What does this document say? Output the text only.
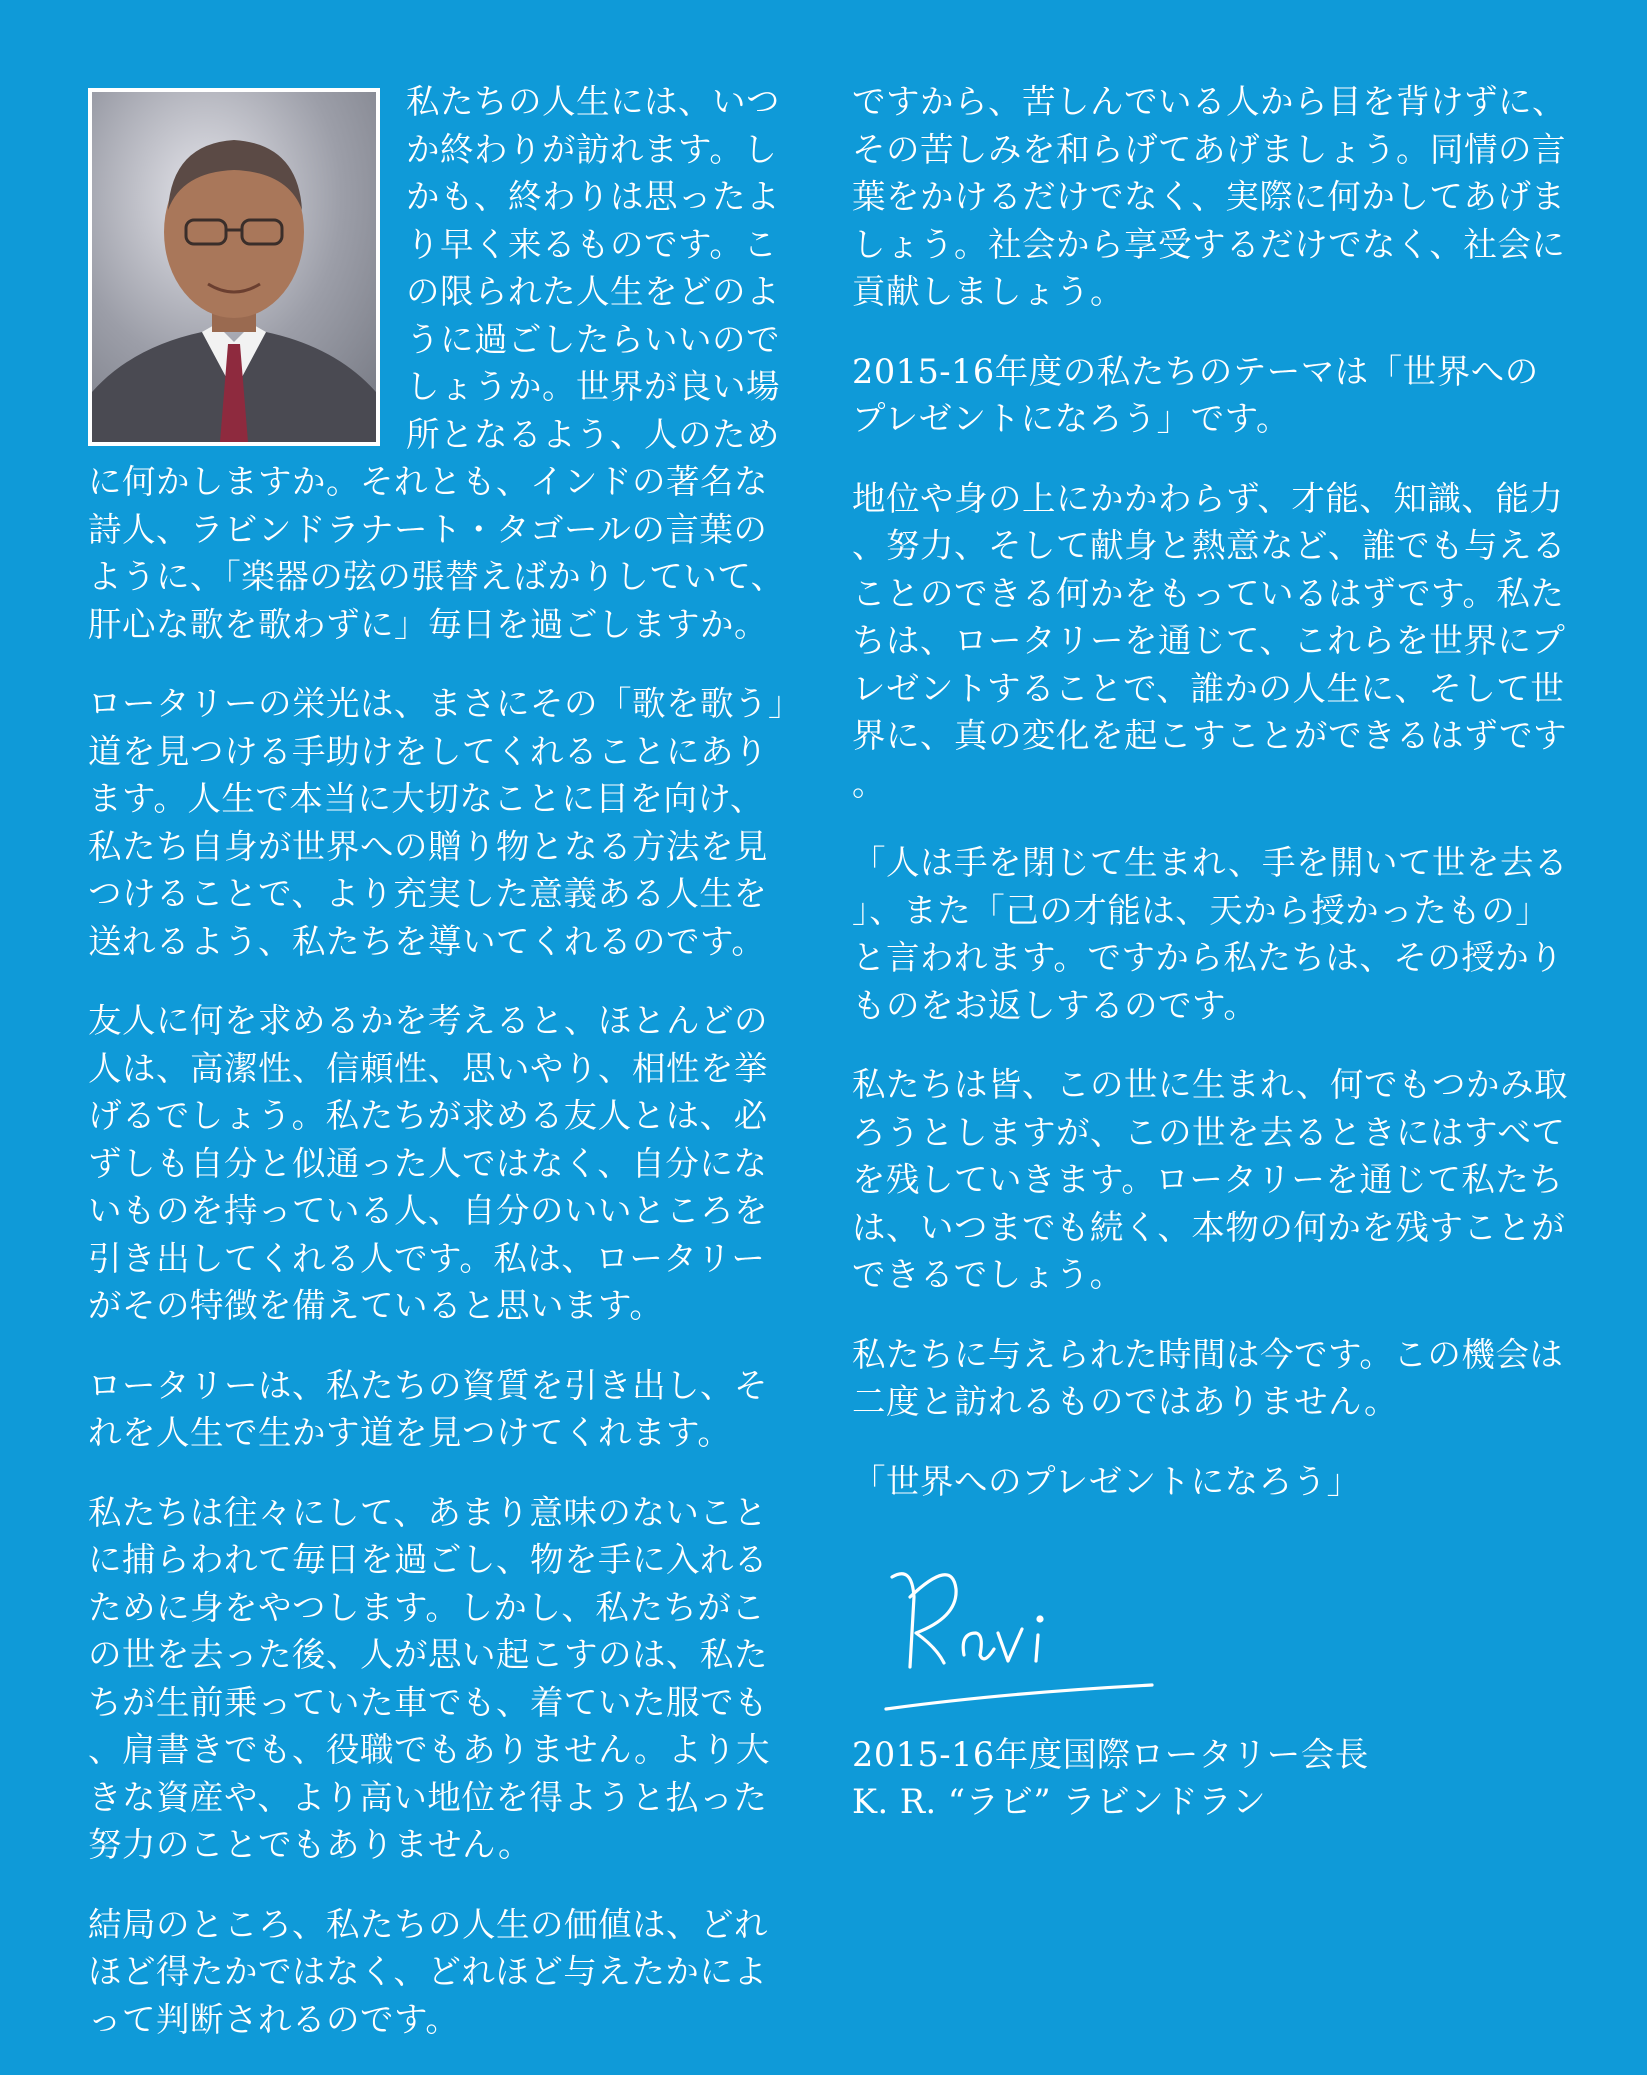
私たちの人生には、いつか終わりが訪れます。しかも、終わりは思ったより早く来るものです。この限られた人生をどのように過ごしたらいいのでしょうか。世界が良い場所となるよう、人のために何かしますか。それとも、インドの著名な詩人、ラビンドラナート・タゴールの言葉のように、「楽器の弦の張替えばかりしていて、肝心な歌を歌わずに」毎日を過ごしますか。

ロータリーの栄光は、まさにその「歌を歌う」道を見つける手助けをしてくれることにあります。人生で本当に大切なことに目を向け、私たち自身が世界への贈り物となる方法を見つけることで、より充実した意義ある人生を送れるよう、私たちを導いてくれるのです。

友人に何を求めるかを考えると、ほとんどの人は、高潔性、信頼性、思いやり、相性を挙げるでしょう。私たちが求める友人とは、必ずしも自分と似通った人ではなく、自分にないものを持っている人、自分のいいところを引き出してくれる人です。私は、ロータリーがその特徴を備えていると思います。

ロータリーは、私たちの資質を引き出し、それを人生で生かす道を見つけてくれます。

私たちは往々にして、あまり意味のないことに捕らわれて毎日を過ごし、物を手に入れるために身をやつします。しかし、私たちがこの世を去った後、人が思い起こすのは、私たちが生前乗っていた車でも、着ていた服でも、肩書きでも、役職でもありません。より大きな資産や、より高い地位を得ようと払った努力のことでもありません。

結局のところ、私たちの人生の価値は、どれほど得たかではなく、どれほど与えたかによって判断されるのです。

ですから、苦しんでいる人から目を背けずに、その苦しみを和らげてあげましょう。同情の言葉をかけるだけでなく、実際に何かしてあげましょう。社会から享受するだけでなく、社会に貢献しましょう。

2015-16年度の私たちのテーマは「世界へのプレゼントになろう」です。

地位や身の上にかかわらず、才能、知識、能力、努力、そして献身と熱意など、誰でも与えることのできる何かをもっているはずです。私たちは、ロータリーを通じて、これらを世界にプレゼントすることで、誰かの人生に、そして世界に、真の変化を起こすことができるはずです。

「人は手を閉じて生まれ、手を開いて世を去る」、また「己の才能は、天から授かったもの」と言われます。ですから私たちは、その授かりものをお返しするのです。

私たちは皆、この世に生まれ、何でもつかみ取ろうとしますが、この世を去るときにはすべてを残していきます。ロータリーを通じて私たちは、いつまでも続く、本物の何かを残すことができるでしょう。

私たちに与えられた時間は今です。この機会は二度と訪れるものではありません。

「世界へのプレゼントになろう」

2015-16年度国際ロータリー会長
K. R. “ラビ” ラビンドラン
